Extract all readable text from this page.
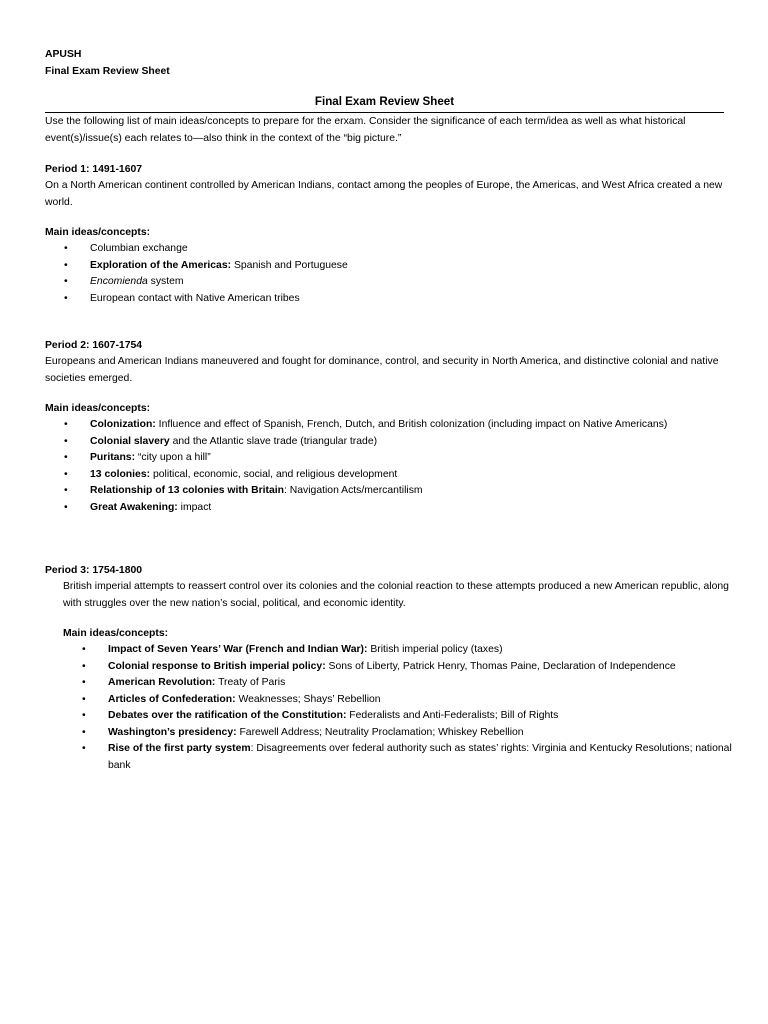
APUSH
Final Exam Review Sheet
Final Exam Review Sheet
Use the following list of main ideas/concepts to prepare for the erxam. Consider the significance of each term/idea as well as what historical event(s)/issue(s) each relates to—also think in the context of the “big picture.”
Period 1: 1491-1607
On a North American continent controlled by American Indians, contact among the peoples of Europe, the Americas, and West Africa created a new world.
Main ideas/concepts:
• Columbian exchange
• Exploration of the Americas: Spanish and Portuguese
• Encomienda system
• European contact with Native American tribes
Period 2: 1607-1754
Europeans and American Indians maneuvered and fought for dominance, control, and security in North America, and distinctive colonial and native societies emerged.
Main ideas/concepts:
• Colonization: Influence and effect of Spanish, French, Dutch, and British colonization (including impact on Native Americans)
• Colonial slavery and the Atlantic slave trade (triangular trade)
• Puritans: “city upon a hill”
• 13 colonies: political, economic, social, and religious development
• Relationship of 13 colonies with Britain: Navigation Acts/mercantilism
• Great Awakening: impact
Period 3: 1754-1800
British imperial attempts to reassert control over its colonies and the colonial reaction to these attempts produced a new American republic, along with struggles over the new nation’s social, political, and economic identity.
Main ideas/concepts:
• Impact of Seven Years’ War (French and Indian War): British imperial policy (taxes)
• Colonial response to British imperial policy: Sons of Liberty, Patrick Henry, Thomas Paine, Declaration of Independence
• American Revolution: Treaty of Paris
• Articles of Confederation: Weaknesses; Shays’ Rebellion
• Debates over the ratification of the Constitution: Federalists and Anti-Federalists; Bill of Rights
• Washington’s presidency: Farewell Address; Neutrality Proclamation; Whiskey Rebellion
• Rise of the first party system: Disagreements over federal authority such as states’ rights: Virginia and Kentucky Resolutions; national bank
